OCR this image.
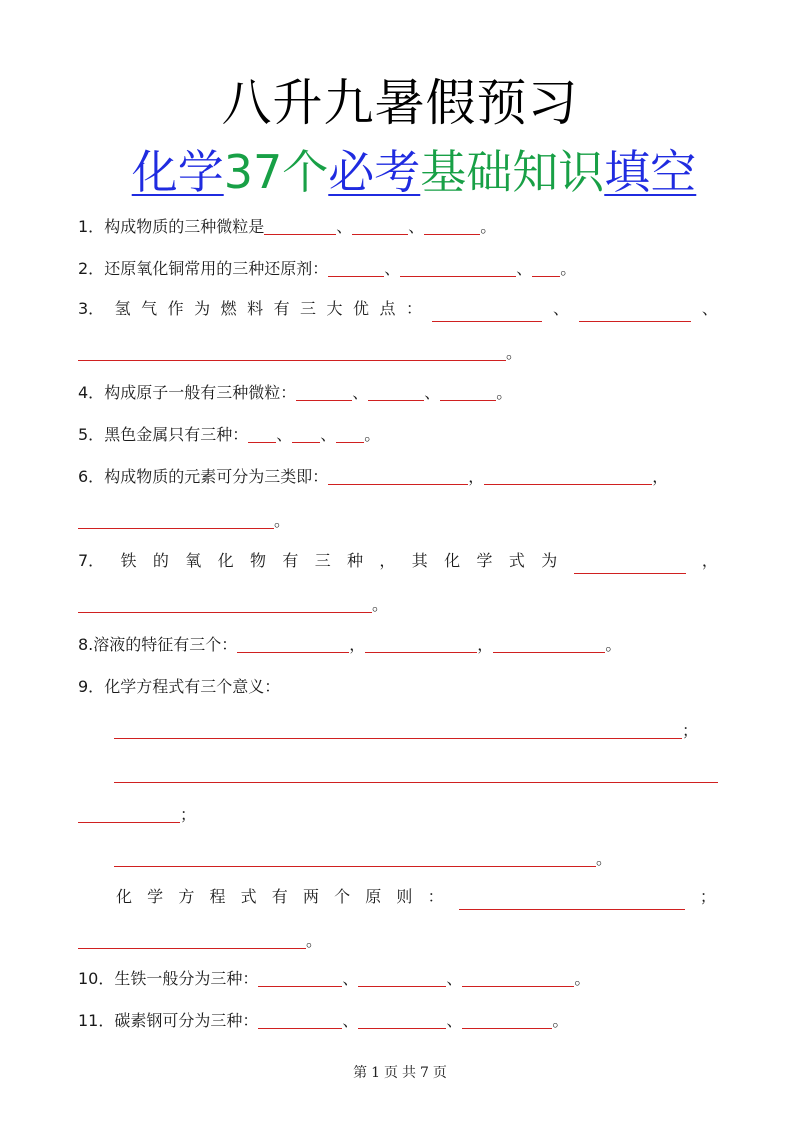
八升九暑假预习
化学37个必考基础知识填空
1．构成物质的三种微粒是	、	、	。
2．还原氧化铜常用的三种还原剂：	、	、 。
3． 氢 气 作 为 燃 料 有 三 大 优 点 ：	、	、
。
4．构成原子一般有三种微粒：	、	、	。
5．黑色金属只有三种： 、 、 。
6．构成物质的元素可分为三类即：	，	，
。
7． 铁 的 氧 化 物 有 三 种 ， 其 化 学 式 为	，
。
8.溶液的特征有三个：	，	，	。
9．化学方程式有三个意义：
；
；
。
化 学 方 程 式 有 两 个 原 则 ：	；
。
10．生铁一般分为三种：	、	、	。
11．碳素钢可分为三种：	、	、	。
第 1 页 共 7 页
